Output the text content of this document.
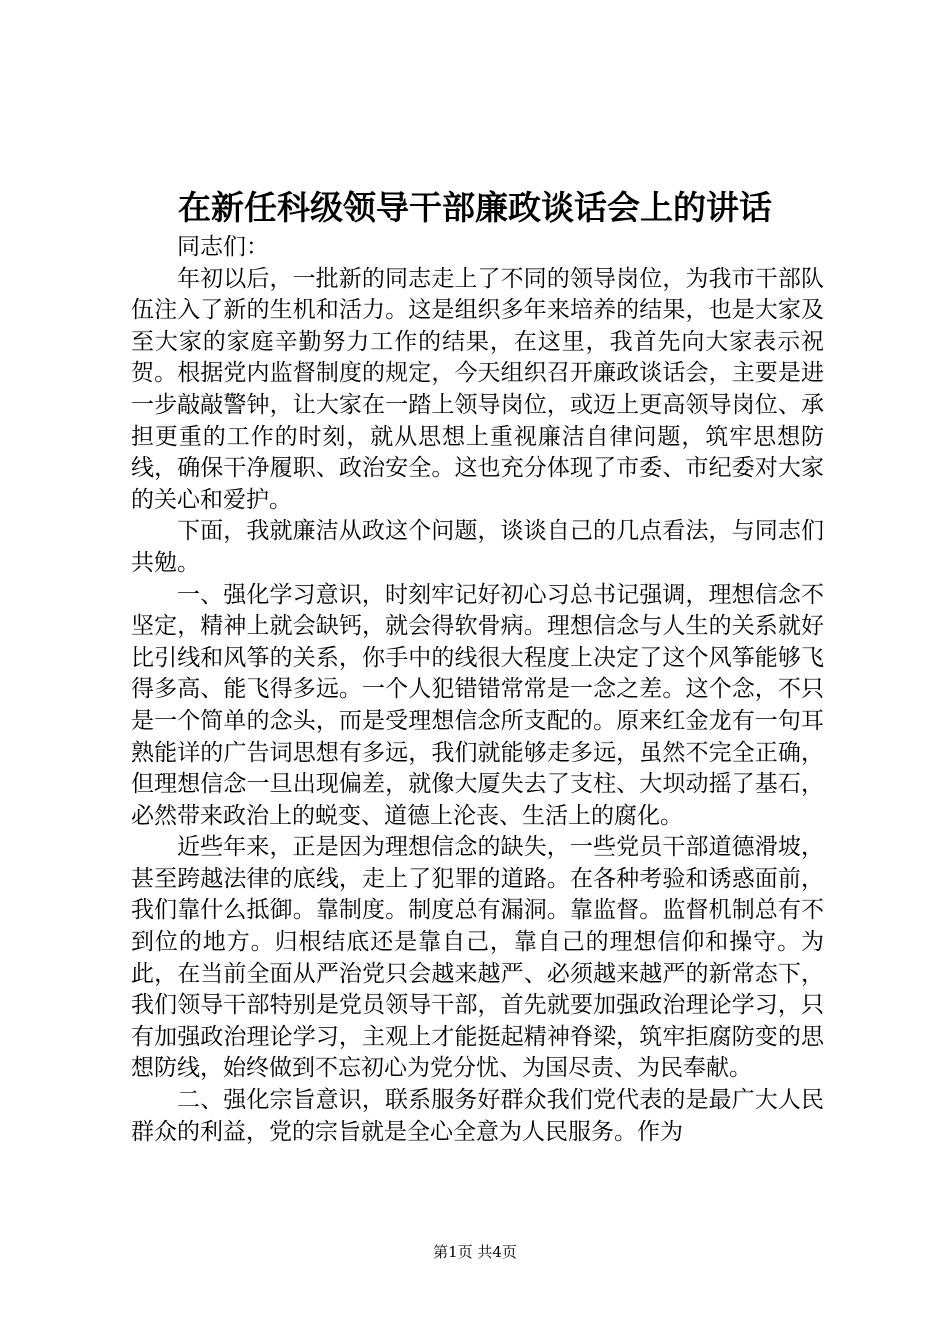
在新任科级领导干部廉政谈话会上的讲话

同志们：

年初以后，一批新的同志走上了不同的领导岗位，为我市干部队伍注入了新的生机和活力。这是组织多年来培养的结果，也是大家及至大家的家庭辛勤努力工作的结果，在这里，我首先向大家表示祝贺。根据党内监督制度的规定，今天组织召开廉政谈话会，主要是进一步敲敲警钟，让大家在一踏上领导岗位，或迈上更高领导岗位、承担更重的工作的时刻，就从思想上重视廉洁自律问题，筑牢思想防线，确保干净履职、政治安全。这也充分体现了市委、市纪委对大家的关心和爱护。

下面，我就廉洁从政这个问题，谈谈自己的几点看法，与同志们共勉。

一、强化学习意识，时刻牢记好初心习总书记强调，理想信念不坚定，精神上就会缺钙，就会得软骨病。理想信念与人生的关系就好比引线和风筝的关系，你手中的线很大程度上决定了这个风筝能够飞得多高、能飞得多远。一个人犯错错常常是一念之差。这个念，不只是一个简单的念头，而是受理想信念所支配的。原来红金龙有一句耳熟能详的广告词思想有多远，我们就能够走多远，虽然不完全正确，但理想信念一旦出现偏差，就像大厦失去了支柱、大坝动摇了基石，必然带来政治上的蜕变、道德上沦丧、生活上的腐化。

近些年来，正是因为理想信念的缺失，一些党员干部道德滑坡，甚至跨越法律的底线，走上了犯罪的道路。在各种考验和诱惑面前，我们靠什么抵御。靠制度。制度总有漏洞。靠监督。监督机制总有不到位的地方。归根结底还是靠自己，靠自己的理想信仰和操守。为此，在当前全面从严治党只会越来越严、必须越来越严的新常态下，我们领导干部特别是党员领导干部，首先就要加强政治理论学习，只有加强政治理论学习，主观上才能挺起精神脊梁，筑牢拒腐防变的思想防线，始终做到不忘初心为党分忧、为国尽责、为民奉献。

二、强化宗旨意识，联系服务好群众我们党代表的是最广大人民群众的利益，党的宗旨就是全心全意为人民服务。作为

第1页 共4页
